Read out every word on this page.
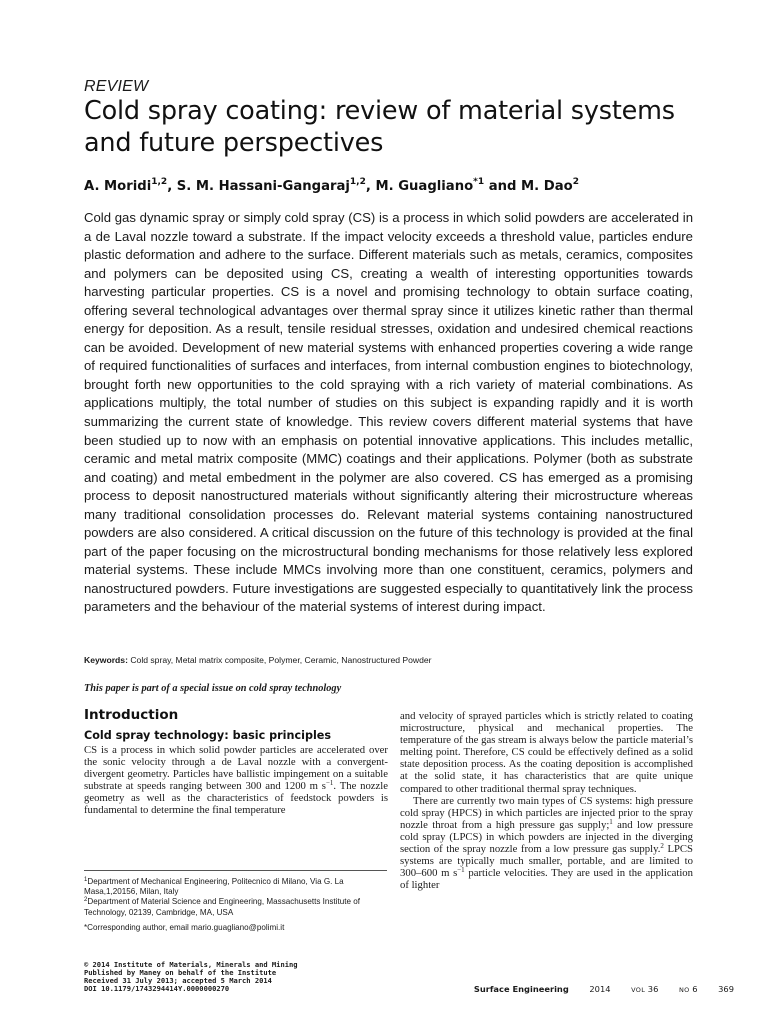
REVIEW
Cold spray coating: review of material systems and future perspectives
A. Moridi$^{1,2}$, S. M. Hassani-Gangaraj$^{1,2}$, M. Guagliano$^{*1}$ and M. Dao$^2$
Cold gas dynamic spray or simply cold spray (CS) is a process in which solid powders are accelerated in a de Laval nozzle toward a substrate. If the impact velocity exceeds a threshold value, particles endure plastic deformation and adhere to the surface. Different materials such as metals, ceramics, composites and polymers can be deposited using CS, creating a wealth of interesting opportunities towards harvesting particular properties. CS is a novel and promising technology to obtain surface coating, offering several technological advantages over thermal spray since it utilizes kinetic rather than thermal energy for deposition. As a result, tensile residual stresses, oxidation and undesired chemical reactions can be avoided. Development of new material systems with enhanced properties covering a wide range of required functionalities of surfaces and interfaces, from internal combustion engines to biotechnology, brought forth new opportunities to the cold spraying with a rich variety of material combinations. As applications multiply, the total number of studies on this subject is expanding rapidly and it is worth summarizing the current state of knowledge. This review covers different material systems that have been studied up to now with an emphasis on potential innovative applications. This includes metallic, ceramic and metal matrix composite (MMC) coatings and their applications. Polymer (both as substrate and coating) and metal embedment in the polymer are also covered. CS has emerged as a promising process to deposit nanostructured materials without significantly altering their microstructure whereas many traditional consolidation processes do. Relevant material systems containing nanostructured powders are also considered. A critical discussion on the future of this technology is provided at the final part of the paper focusing on the microstructural bonding mechanisms for those relatively less explored material systems. These include MMCs involving more than one constituent, ceramics, polymers and nanostructured powders. Future investigations are suggested especially to quantitatively link the process parameters and the behaviour of the material systems of interest during impact.
Keywords: Cold spray, Metal matrix composite, Polymer, Ceramic, Nanostructured Powder
This paper is part of a special issue on cold spray technology
Introduction
Cold spray technology: basic principles
CS is a process in which solid powder particles are accelerated over the sonic velocity through a de Laval nozzle with a convergent-divergent geometry. Particles have ballistic impingement on a suitable substrate at speeds ranging between 300 and 1200 m $s^{-1}$. The nozzle geometry as well as the characteristics of feedstock powders is fundamental to determine the final temperature
and velocity of sprayed particles which is strictly related to coating microstructure, physical and mechanical properties. The temperature of the gas stream is always below the particle material’s melting point. Therefore, CS could be effectively defined as a solid state deposition process. As the coating deposition is accomplished at the solid state, it has characteristics that are quite unique compared to other traditional thermal spray techniques.
There are currently two main types of CS systems: high pressure cold spray (HPCS) in which particles are injected prior to the spray nozzle throat from a high pressure gas supply;$^1$ and low pressure cold spray (LPCS) in which powders are injected in the diverging section of the spray nozzle from a low pressure gas supply.$^2$ LPCS systems are typically much smaller, portable, and are limited to 300–600 m $s^{-1}$ particle velocities. They are used in the application of lighter
$^1$Department of Mechanical Engineering, Politecnico di Milano, Via G. La Masa,1,20156, Milan, Italy
$^2$Department of Material Science and Engineering, Massachusetts Institute of Technology, 02139, Cambridge, MA, USA
*Corresponding author, email mario.guagliano@polimi.it
© 2014 Institute of Materials, Minerals and Mining
Published by Maney on behalf of the Institute
Received 31 July 2013; accepted 5 March 2014
DOI 10.1179/1743294414Y.0000000270	Surface Engineering 2014	VOL 36	NO 6 369
